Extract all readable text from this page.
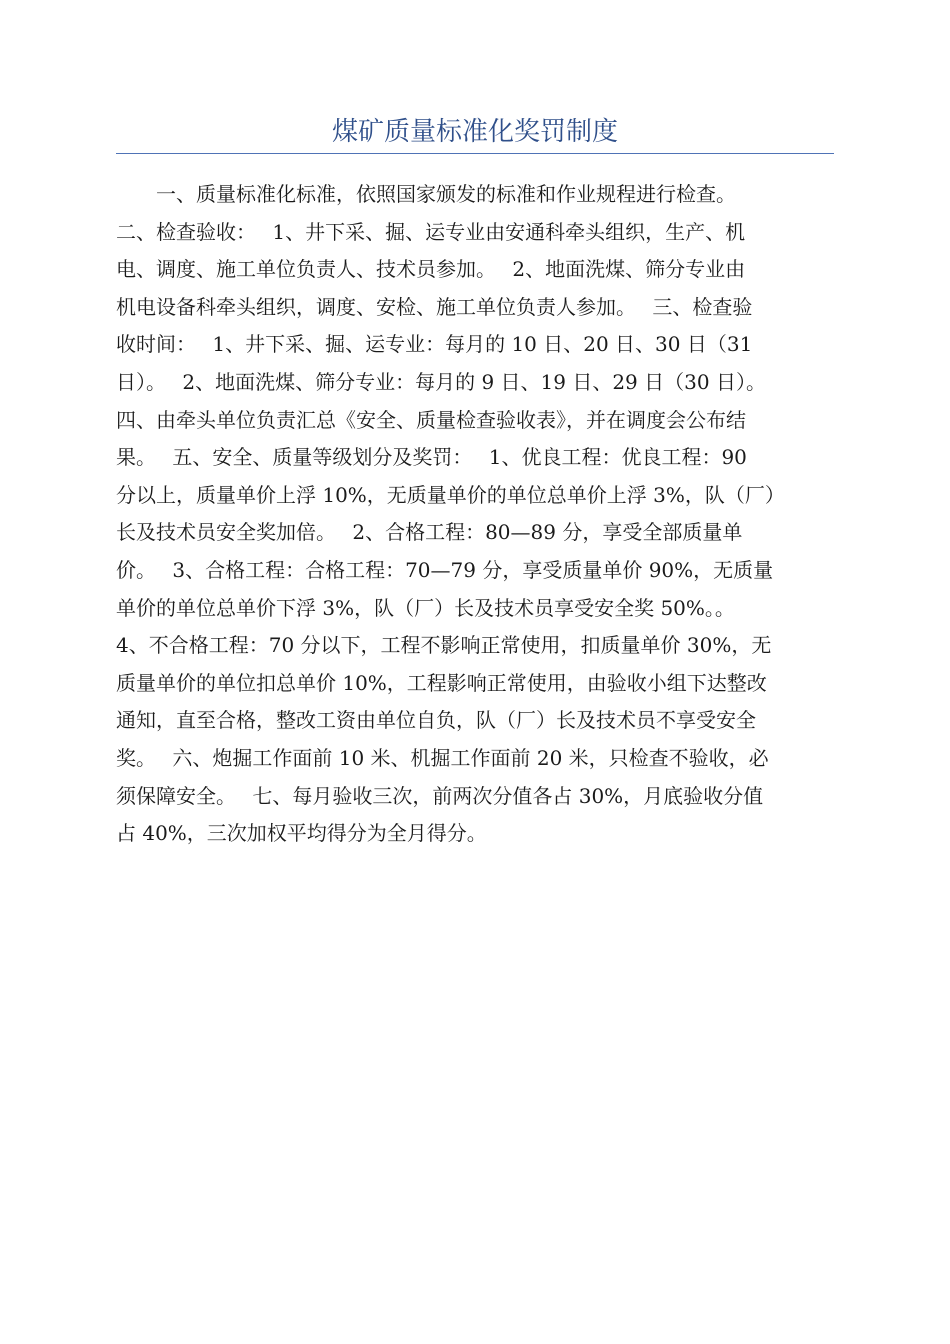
煤矿质量标准化奖罚制度
　　一、质量标准化标准，依照国家颁发的标准和作业规程进行检查。
二、检查验收：　 1、井下采、掘、运专业由安通科牵头组织，生产、机
电、调度、施工单位负责人、技术员参加。　 2、地面洗煤、筛分专业由
机电设备科牵头组织，调度、安检、施工单位负责人参加。　 三、检查验
收时间：　 1、井下采、掘、运专业：每月的 10 日、20 日、30 日（31
日）。　 2、地面洗煤、筛分专业：每月的 9 日、19 日、29 日（30 日）。
四、由牵头单位负责汇总《安全、质量检查验收表》，并在调度会公布结
果。　 五、安全、质量等级划分及奖罚：　 1、优良工程：优良工程：90
分以上，质量单价上浮 10%，无质量单价的单位总单价上浮 3%，队（厂）
长及技术员安全奖加倍。　 2、合格工程：80—89 分，享受全部质量单
价。　 3、合格工程：合格工程：70—79 分，享受质量单价 90%，无质量
单价的单位总单价下浮 3%，队（厂）长及技术员享受安全奖 50%。。
4、不合格工程：70 分以下，工程不影响正常使用，扣质量单价 30%，无
质量单价的单位扣总单价 10%，工程影响正常使用，由验收小组下达整改
通知，直至合格，整改工资由单位自负，队（厂）长及技术员不享受安全
奖。　 六、炮掘工作面前 10 米、机掘工作面前 20 米，只检查不验收，必
须保障安全。　 七、每月验收三次，前两次分值各占 30%，月底验收分值
占 40%，三次加权平均得分为全月得分。
